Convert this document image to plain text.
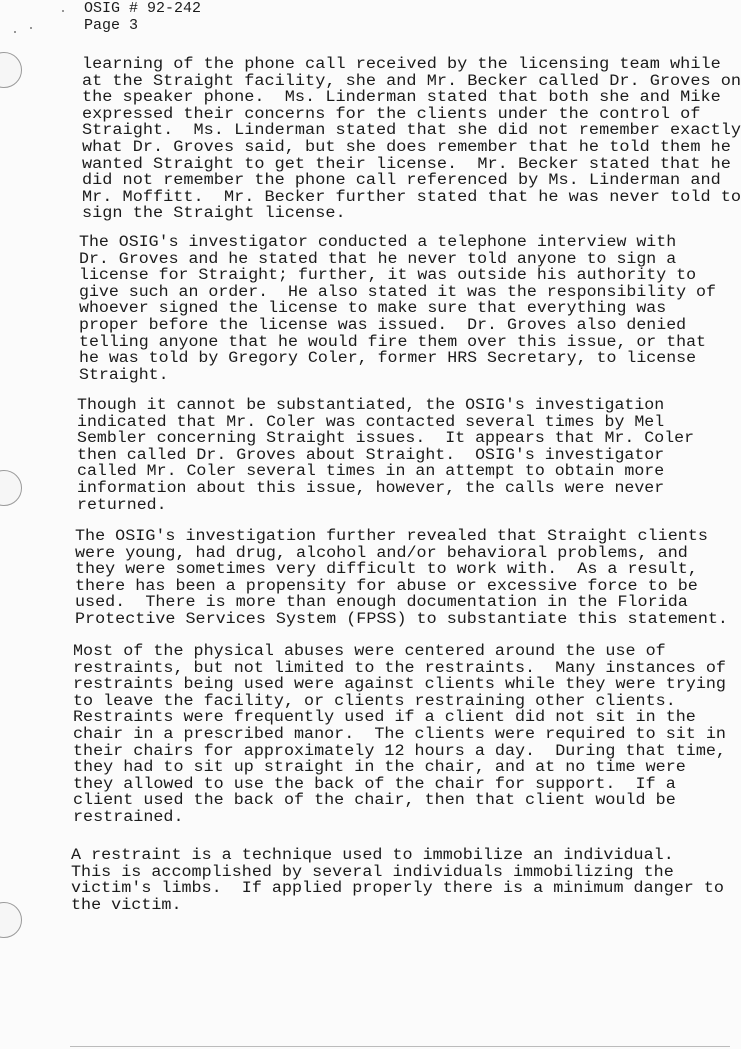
OSIG # 92-242
Page 3

learning of the phone call received by the licensing team while
at the Straight facility, she and Mr. Becker called Dr. Groves on
the speaker phone.  Ms. Linderman stated that both she and Mike
expressed their concerns for the clients under the control of
Straight.  Ms. Linderman stated that she did not remember exactly
what Dr. Groves said, but she does remember that he told them he
wanted Straight to get their license.  Mr. Becker stated that he
did not remember the phone call referenced by Ms. Linderman and
Mr. Moffitt.  Mr. Becker further stated that he was never told to
sign the Straight license.

The OSIG's investigator conducted a telephone interview with
Dr. Groves and he stated that he never told anyone to sign a
license for Straight; further, it was outside his authority to
give such an order.  He also stated it was the responsibility of
whoever signed the license to make sure that everything was
proper before the license was issued.  Dr. Groves also denied
telling anyone that he would fire them over this issue, or that
he was told by Gregory Coler, former HRS Secretary, to license
Straight.

Though it cannot be substantiated, the OSIG's investigation
indicated that Mr. Coler was contacted several times by Mel
Sembler concerning Straight issues.  It appears that Mr. Coler
then called Dr. Groves about Straight.  OSIG's investigator
called Mr. Coler several times in an attempt to obtain more
information about this issue, however, the calls were never
returned.

The OSIG's investigation further revealed that Straight clients
were young, had drug, alcohol and/or behavioral problems, and
they were sometimes very difficult to work with.  As a result,
there has been a propensity for abuse or excessive force to be
used.  There is more than enough documentation in the Florida
Protective Services System (FPSS) to substantiate this statement.

Most of the physical abuses were centered around the use of
restraints, but not limited to the restraints.  Many instances of
restraints being used were against clients while they were trying
to leave the facility, or clients restraining other clients.
Restraints were frequently used if a client did not sit in the
chair in a prescribed manor.  The clients were required to sit in
their chairs for approximately 12 hours a day.  During that time,
they had to sit up straight in the chair, and at no time were
they allowed to use the back of the chair for support.  If a
client used the back of the chair, then that client would be
restrained.

A restraint is a technique used to immobilize an individual.
This is accomplished by several individuals immobilizing the
victim's limbs.  If applied properly there is a minimum danger to
the victim.
